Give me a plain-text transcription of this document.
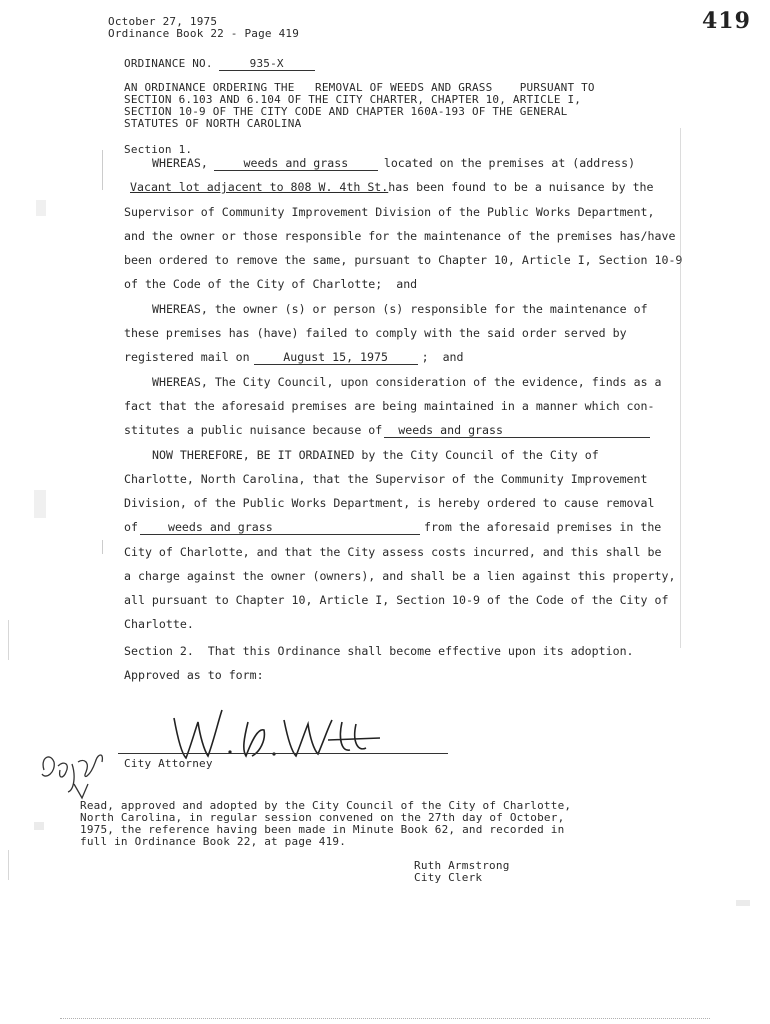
October 27, 1975
Ordinance Book 22 - Page 419	419
ORDINANCE NO.	935-X
AN ORDINANCE ORDERING THE   REMOVAL OF WEEDS AND GRASS    PURSUANT TO
SECTION 6.103 AND 6.104 OF THE CITY CHARTER, CHAPTER 10, ARTICLE I,
SECTION 10-9 OF THE CITY CODE AND CHAPTER 160A-193 OF THE GENERAL
STATUTES OF NORTH CAROLINA
Section 1.
WHEREAS,	weeds and grass	located on the premises at (address)
Vacant lot adjacent to 808 W. 4th St.has been found to be a nuisance by the
Supervisor of Community Improvement Division of the Public Works Department,
and the owner or those responsible for the maintenance of the premises has/have
been ordered to remove the same, pursuant to Chapter 10, Article I, Section 10-9
of the Code of the City of Charlotte;  and
WHEREAS, the owner (s) or person (s) responsible for the maintenance of
these premises has (have) failed to comply with the said order served by
registered mail on	August 15, 1975	;  and
WHEREAS, The City Council, upon consideration of the evidence, finds as a
fact that the aforesaid premises are being maintained in a manner which con-
stitutes a public nuisance because of weeds and grass
NOW THEREFORE, BE IT ORDAINED by the City Council of the City of
Charlotte, North Carolina, that the Supervisor of the Community Improvement
Division, of the Public Works Department, is hereby ordered to cause removal
of	weeds and grass	from the aforesaid premises in the
City of Charlotte, and that the City assess costs incurred, and this shall be
a charge against the owner (owners), and shall be a lien against this property,
all pursuant to Chapter 10, Article I, Section 10-9 of the Code of the City of
Charlotte.
Section 2.  That this Ordinance shall become effective upon its adoption.
Approved as to form:
City Attorney
Read, approved and adopted by the City Council of the City of Charlotte,
North Carolina, in regular session convened on the 27th day of October,
1975, the reference having been made in Minute Book 62, and recorded in
full in Ordinance Book 22, at page 419.
Ruth Armstrong
City Clerk
